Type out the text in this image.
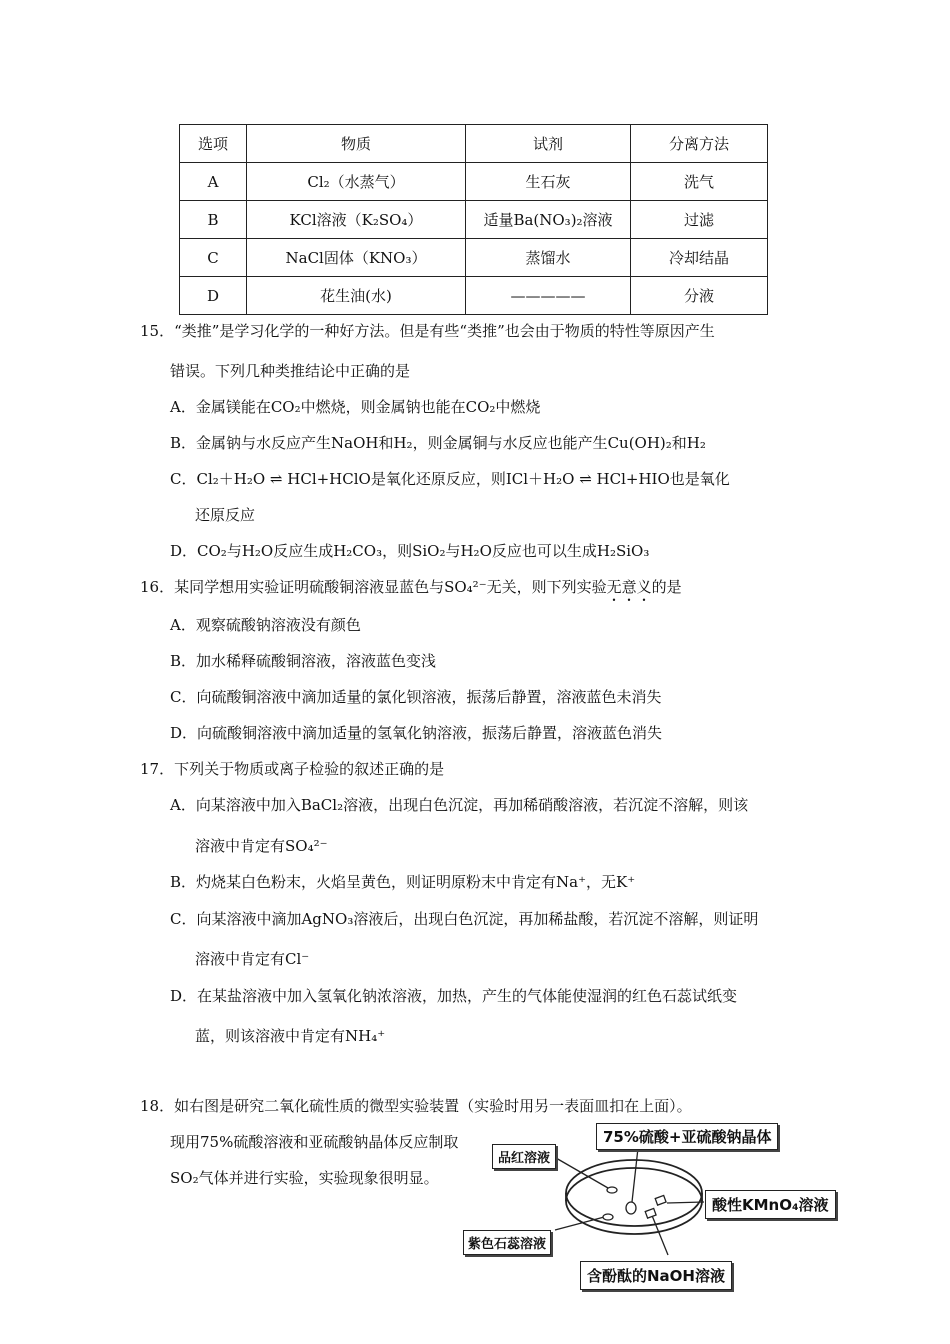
选项	物质	试剂	分离方法
A	Cl₂（水蒸气）	生石灰	洗气
B	KCl溶液（K₂SO₄）	适量Ba(NO₃)₂溶液	过滤
C	NaCl固体（KNO₃）	蒸馏水	冷却结晶
D	花生油(水)	—————	分液
15．“类推”是学习化学的一种好方法。但是有些“类推”也会由于物质的特性等原因产生
错误。下列几种类推结论中正确的是
A．金属镁能在CO₂中燃烧，则金属钠也能在CO₂中燃烧
B．金属钠与水反应产生NaOH和H₂，则金属铜与水反应也能产生Cu(OH)₂和H₂
C．Cl₂＋H₂O ⇌ HCl+HClO是氧化还原反应，则ICl＋H₂O ⇌ HCl+HIO也是氧化
还原反应
D．CO₂与H₂O反应生成H₂CO₃，则SiO₂与H₂O反应也可以生成H₂SiO₃
16．某同学想用实验证明硫酸铜溶液显蓝色与SO₄²⁻无关，则下列实验无意义的是
A．观察硫酸钠溶液没有颜色
B．加水稀释硫酸铜溶液，溶液蓝色变浅
C．向硫酸铜溶液中滴加适量的氯化钡溶液，振荡后静置，溶液蓝色未消失
D．向硫酸铜溶液中滴加适量的氢氧化钠溶液，振荡后静置，溶液蓝色消失
17．下列关于物质或离子检验的叙述正确的是
A．向某溶液中加入BaCl₂溶液，出现白色沉淀，再加稀硝酸溶液，若沉淀不溶解，则该
溶液中肯定有SO₄²⁻
B．灼烧某白色粉末，火焰呈黄色，则证明原粉末中肯定有Na⁺，无K⁺
C．向某溶液中滴加AgNO₃溶液后，出现白色沉淀，再加稀盐酸，若沉淀不溶解，则证明
溶液中肯定有Cl⁻
D．在某盐溶液中加入氢氧化钠浓溶液，加热，产生的气体能使湿润的红色石蕊试纸变
蓝，则该溶液中肯定有NH₄⁺
18．如右图是研究二氧化硫性质的微型实验装置（实验时用另一表面皿扣在上面）。
现用75%硫酸溶液和亚硫酸钠晶体反应制取
SO₂气体并进行实验，实验现象很明显。
75%硫酸+亚硫酸钠晶体
品红溶液
酸性KMnO₄溶液
紫色石蕊溶液
含酚酞的NaOH溶液
